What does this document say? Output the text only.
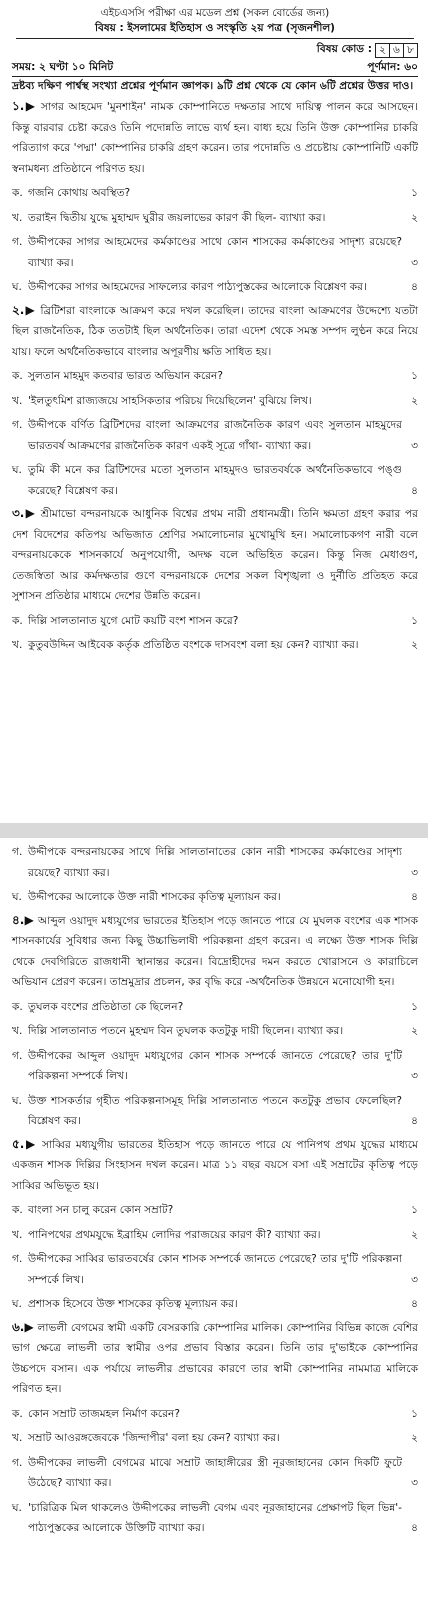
এইচএসসি পরীক্ষা এর মডেল প্রশ্ন (সকল বোর্ডের জন্য)
বিষয় : ইসলামের ইতিহাস ও সংস্কৃতি ২য় পত্র (সৃজনশীল)
বিষয় কোড : ২ ৬ ৮
সময়: ২ ঘণ্টা ১০ মিনিট	পূর্ণমান: ৬০

দ্রষ্টব্য দক্ষিণ পার্শ্বস্থ সংখ্যা প্রশ্নের পূর্ণমান জ্ঞাপক। ৯টি প্রশ্ন থেকে যে কোন ৬টি প্রশ্নের উত্তর দাও।

১.▶ সাগর আহমেদ 'মুনশাইন' নামক কোম্পানিতে দক্ষতার সাথে দায়িত্ব পালন করে আসছেন। কিন্তু বারবার চেষ্টা করেও তিনি পদোন্নতি লাভে ব্যর্থ হন। বাধ্য হয়ে তিনি উক্ত কোম্পানির চাকরি পরিত্যাগ করে 'পদ্মা' কোম্পানির চাকরি গ্রহণ করেন। তার পদোন্নতি ও প্রচেষ্টায় কোম্পানিটি একটি স্বনামধন্য প্রতিষ্ঠানে পরিণত হয়।

ক. গজনি কোথায় অবস্থিত?	১
খ. তরাইন দ্বিতীয় যুদ্ধে মুহাম্মদ ঘুরীর জয়লাভের কারণ কী ছিল- ব্যাখ্যা কর।	২
গ. উদ্দীপকের সাগর আহমেদের কর্মকাণ্ডের সাথে কোন শাসকের কর্মকাণ্ডের সাদৃশ্য রয়েছে? ব্যাখ্যা কর।	৩
ঘ. উদ্দীপকের সাগর আহমেদের সাফল্যের কারণ পাঠ্যপুস্তকের আলোকে বিশ্লেষণ কর।	৪

২.▶ ব্রিটিশরা বাংলাকে আক্রমণ করে দখল করেছিল। তাদের বাংলা আক্রমণের উদ্দেশ্যে যতটা ছিল রাজনৈতিক, ঠিক ততটাই ছিল অর্থনৈতিক। তারা এদেশ থেকে সমস্ত সম্পদ লুণ্ঠন করে নিয়ে যায়। ফলে অর্থনৈতিকভাবে বাংলার অপূরণীয় ক্ষতি সাধিত হয়।

ক. সুলতান মাহমুদ কতবার ভারত অভিযান করেন?	১
খ. 'ইলতুৎমিশ রাজ্যজয়ে সাহসিকতার পরিচয় দিয়েছিলেন' বুঝিয়ে লিখ।	২
গ. উদ্দীপকে বর্ণিত ব্রিটিশদের বাংলা আক্রমণের রাজনৈতিক কারণ এবং সুলতান মাহমুদের ভারতবর্ষ আক্রমণের রাজনৈতিক কারণ একই সূত্রে গাঁথা- ব্যাখ্যা কর।	৩
ঘ. তুমি কী মনে কর ব্রিটিশদের মতো সুলতান মাহমুদও ভারতবর্ষকে অর্থনৈতিকভাবে পঙ্গু করেছে? বিশ্লেষণ কর।	৪

৩.▶ শ্রীমাভো বন্দরনায়কে আধুনিক বিশ্বের প্রথম নারী প্রধানমন্ত্রী। তিনি ক্ষমতা গ্রহণ করার পর দেশ বিদেশের কতিপয় অভিজাত শ্রেণির সমালোচনার মুখোমুখি হন। সমালোচকগণ নারী বলে বন্দরনায়কেকে শাসনকার্যে অনুপযোগী, অদক্ষ বলে অভিহিত করেন। কিন্তু নিজ মেধাগুণ, তেজস্বিতা আর কর্মদক্ষতার গুণে বন্দরনায়কে দেশের সকল বিশৃঙ্খলা ও দুর্নীতি প্রতিহত করে সুশাসন প্রতিষ্ঠার মাধ্যমে দেশের উন্নতি করেন।

ক. দিল্লি সালতানাত যুগে মোট কয়টি বংশ শাসন করে?	১
খ. কুতুবউদ্দিন আইবেক কর্তৃক প্রতিষ্ঠিত বংশকে দাসবংশ বলা হয় কেন? ব্যাখ্যা কর।	২
গ. উদ্দীপকে বন্দরনায়কের সাথে দিল্লি সালতানাতের কোন নারী শাসকের কর্মকাণ্ডের সাদৃশ্য রয়েছে? ব্যাখ্যা কর।	৩
ঘ. উদ্দীপকের আলোকে উক্ত নারী শাসকের কৃতিত্ব মূল্যায়ন কর।	৪

৪.▶ আব্দুল ওয়াদুদ মধ্যযুগের ভারতের ইতিহাস পড়ে জানতে পারে যে মুঘলক বংশের এক শাসক শাসনকার্যের সুবিধার জন্য কিছু উচ্চাভিলাষী পরিকল্পনা গ্রহণ করেন। এ লক্ষ্যে উক্ত শাসক দিল্লি থেকে দেবগিরিতে রাজধানী স্থানান্তর করেন। বিদ্রোহীদের দমন করতে খোরাসনে ও কারাচিলে অভিযান প্রেরণ করেন। তাম্রমুদ্রার প্রচলন, কর বৃদ্ধি করে -অর্থনৈতিক উন্নয়নে মনোযোগী হন।

ক. তুঘলক বংশের প্রতিষ্ঠাতা কে ছিলেন?	১
খ. দিল্লি সালতানাত পতনে মুহম্মদ বিন তুঘলক কতটুকু দায়ী ছিলেন। ব্যাখ্যা কর।	২
গ. উদ্দীপকের আব্দুল ওয়াদুদ মধ্যযুগের কোন শাসক সম্পর্কে জানতে পেরেছে? তার দু'টি পরিকল্পনা সম্পর্কে লিখ।	৩
ঘ. উক্ত শাসকর্তার গৃহীত পরিকল্পনাসমূহ দিল্লি সালতানাত পতনে কতটুকু প্রভাব ফেলেছিল? বিশ্লেষণ কর।	৪

৫.▶ সাব্বির মধ্যযুগীয় ভারতের ইতিহাস পড়ে জানতে পারে যে পানিপথ প্রথম যুদ্ধের মাধ্যমে একজন শাসক দিল্লির সিংহাসন দখল করেন। মাত্র ১১ বছর বয়সে বসা এই সম্রাটের কৃতিত্ব পড়ে সাব্বির অভিভূত হয়।

ক. বাংলা সন চালু করেন কোন সম্রাট?	১
খ. পানিপথের প্রথমযুদ্ধে ইব্রাহিম লোদির পরাজয়ের কারণ কী? ব্যাখ্যা কর।	২
গ. উদ্দীপকের সাব্বির ভারতবর্ষের কোন শাসক সম্পর্কে জানতে পেরেছে? তার দু'টি পরিকল্পনা সম্পর্কে লিখ।	৩
ঘ. প্রশাসক হিসেবে উক্ত শাসকের কৃতিত্ব মূল্যায়ন কর।	৪

৬.▶ লাভলী বেগমের স্বামী একটি বেসরকারি কোম্পানির মালিক। কোম্পানির বিভিন্ন কাজে বেশির ভাগ ক্ষেত্রে লাভলী তার স্বামীর ওপর প্রভাব বিস্তার করেন। তিনি তার দু'ভাইকে কোম্পানির উচ্চপদে বসান। এক পর্যায়ে লাভলীর প্রভাবের কারণে তার স্বামী কোম্পানির নামমাত্র মালিকে পরিণত হন।

ক. কোন সম্রাট তাজমহল নির্মাণ করেন?	১
খ. সম্রাট আওরঙ্গজেবকে 'জিন্দাপীর' বলা হয় কেন? ব্যাখ্যা কর।	২
গ. উদ্দীপকের লাভলী বেগমের মাঝে সম্রাট জাহাঙ্গীরের স্ত্রী নূরজাহানের কোন দিকটি ফুটে উঠেছে? ব্যাখ্যা কর।	৩
ঘ. 'চারিত্রিক মিল থাকলেও উদ্দীপকের লাভলী বেগম এবং নূরজাহানের প্রেক্ষাপট ছিল ভিন্ন'- পাঠ্যপুস্তকের আলোকে উক্তিটি ব্যাখ্যা কর।	৪
